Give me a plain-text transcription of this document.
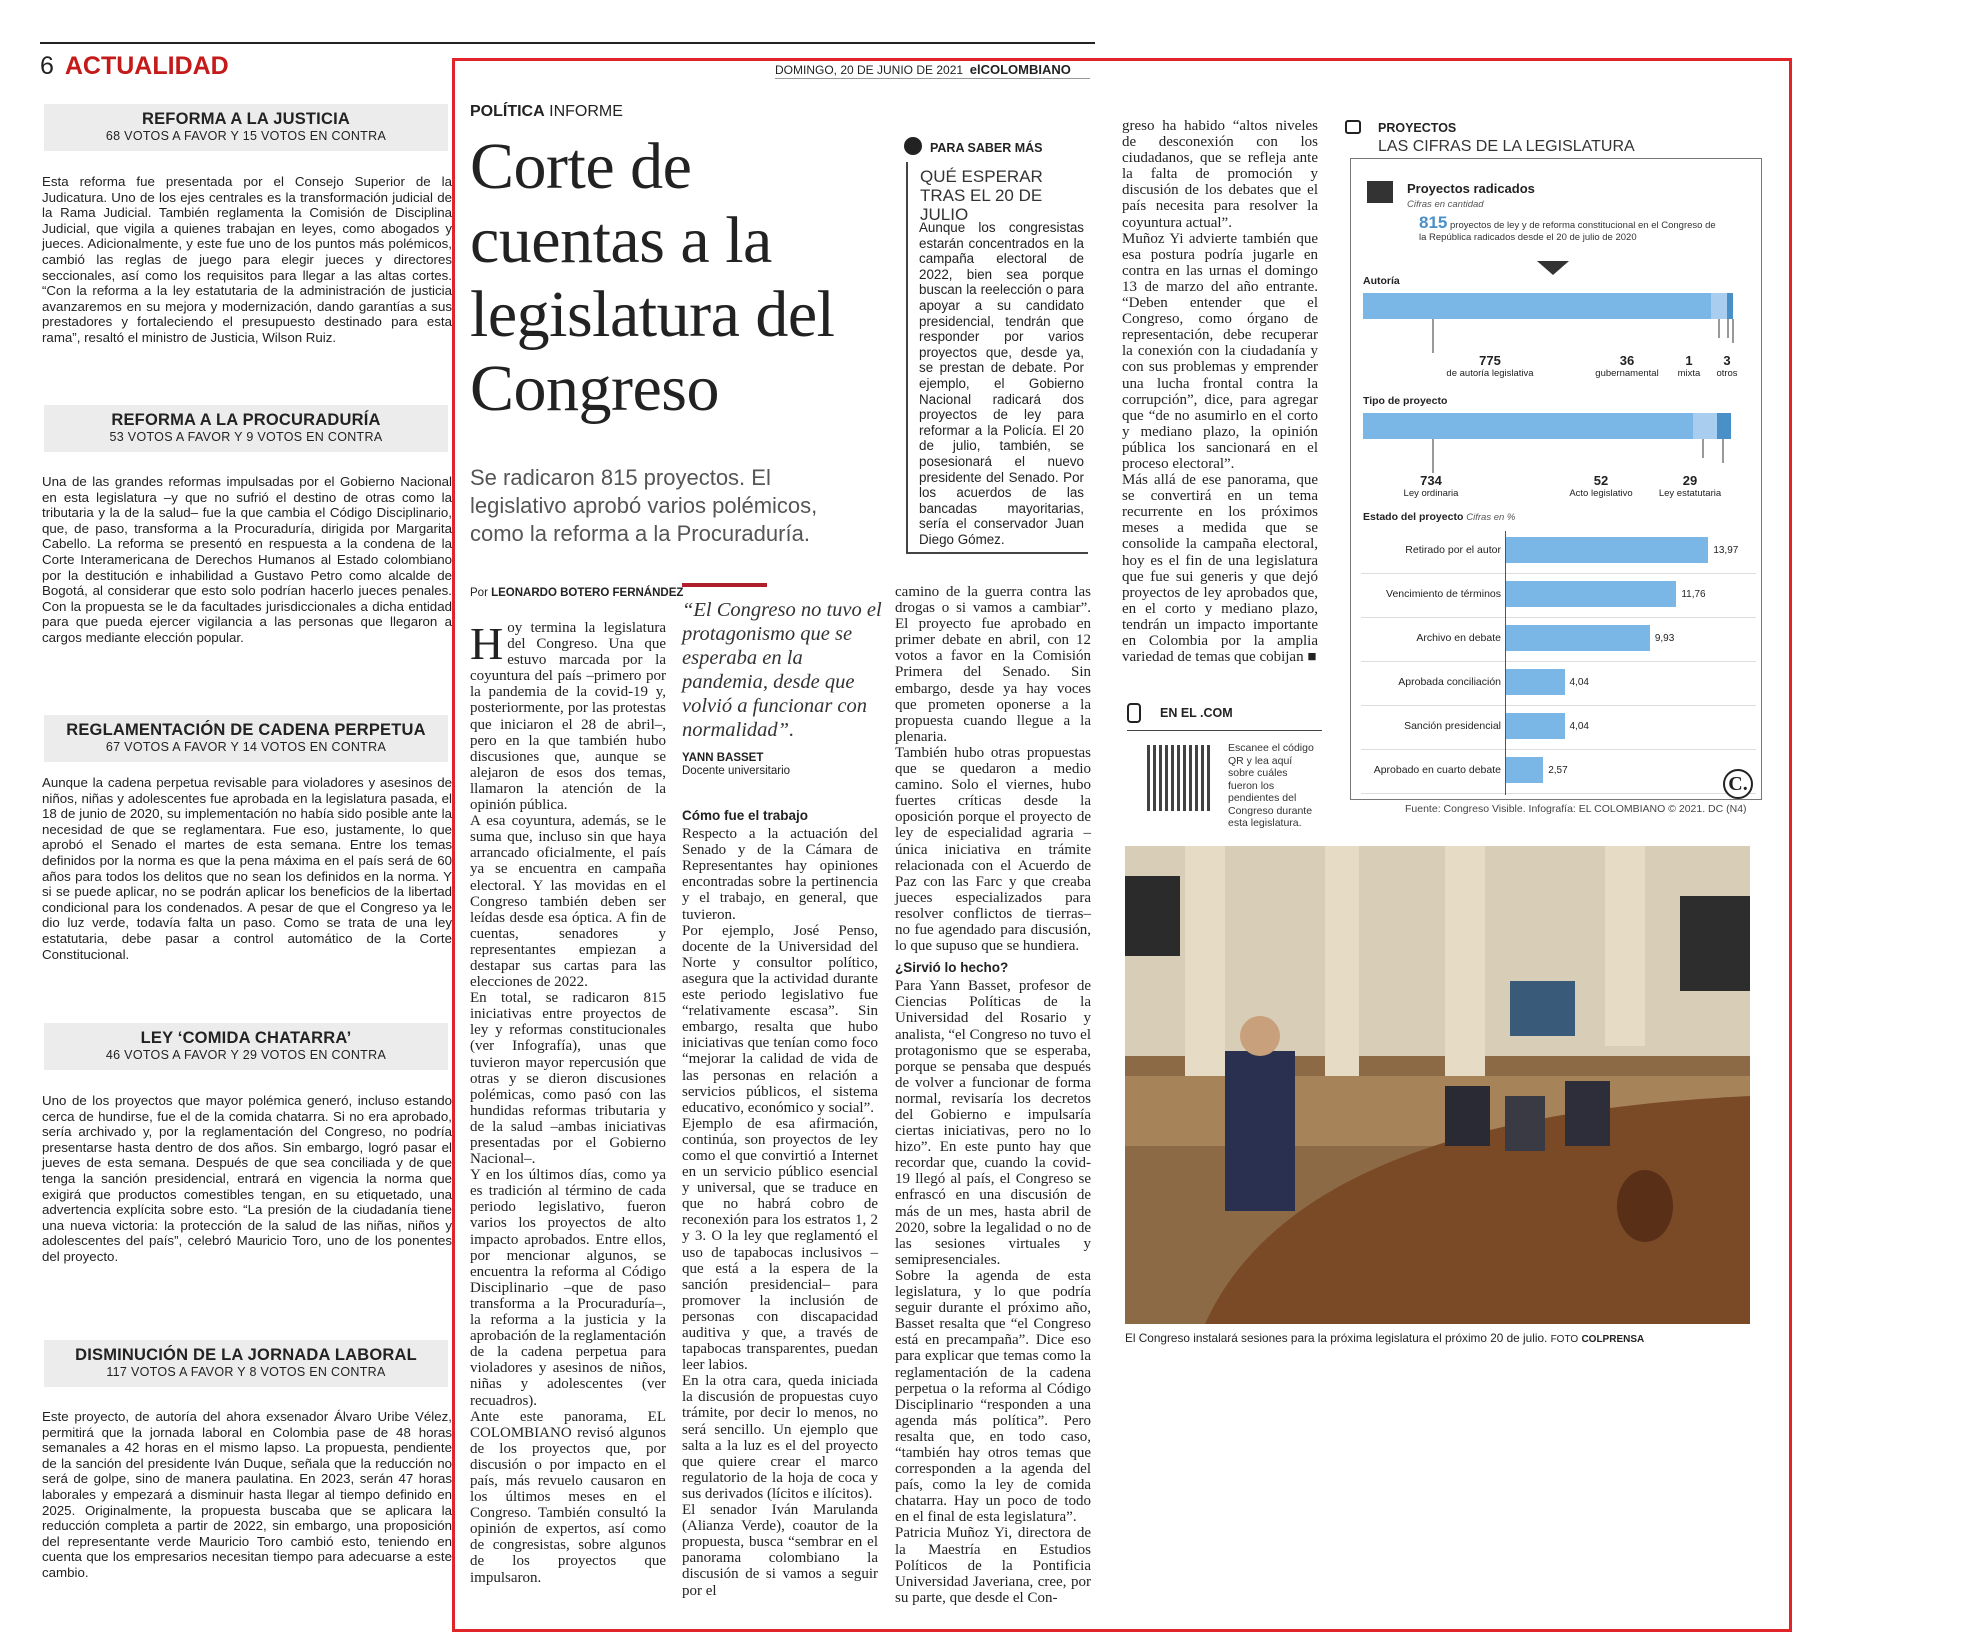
6 ACTUALIDAD
REFORMA A LA JUSTICIA
68 VOTOS A FAVOR Y 15 VOTOS EN CONTRA
Esta reforma fue presentada por el Consejo Superior de la Judicatura. Uno de los ejes centrales es la transformación judicial de la Rama Judicial. También reglamenta la Comisión de Disciplina Judicial, que vigila a quienes trabajan en leyes, como abogados y jueces. Adicionalmente, y este fue uno de los puntos más polémicos, cambió las reglas de juego para elegir jueces y directores seccionales, así como los requisitos para llegar a las altas cortes. “Con la reforma a la ley estatutaria de la administración de justicia avanzaremos en su mejora y modernización, dando garantías a sus prestadores y fortaleciendo el presupuesto destinado para esta rama”, resaltó el ministro de Justicia, Wilson Ruiz.
REFORMA A LA PROCURADURÍA
53 VOTOS A FAVOR Y 9 VOTOS EN CONTRA
Una de las grandes reformas impulsadas por el Gobierno Nacional en esta legislatura –y que no sufrió el destino de otras como la tributaria y la de la salud– fue la que cambia el Código Disciplinario, que, de paso, transforma a la Procuraduría, dirigida por Margarita Cabello. La reforma se presentó en respuesta a la condena de la Corte Interamericana de Derechos Humanos al Estado colombiano por la destitución e inhabilidad a Gustavo Petro como alcalde de Bogotá, al considerar que esto solo podrían hacerlo jueces penales. Con la propuesta se le da facultades jurisdiccionales a dicha entidad para que pueda ejercer vigilancia a las personas que llegaron a cargos mediante elección popular.
REGLAMENTACIÓN DE CADENA PERPETUA
67 VOTOS A FAVOR Y 14 VOTOS EN CONTRA
Aunque la cadena perpetua revisable para violadores y asesinos de niños, niñas y adolescentes fue aprobada en la legislatura pasada, el 18 de junio de 2020, su implementación no había sido posible ante la necesidad de que se reglamentara. Fue eso, justamente, lo que aprobó el Senado el martes de esta semana. Entre los temas definidos por la norma es que la pena máxima en el país será de 60 años para todos los delitos que no sean los definidos en la norma. Y si se puede aplicar, no se podrán aplicar los beneficios de la libertad condicional para los condenados. A pesar de que el Congreso ya le dio luz verde, todavía falta un paso. Como se trata de una ley estatutaria, debe pasar a control automático de la Corte Constitucional.
LEY ‘COMIDA CHATARRA’
46 VOTOS A FAVOR Y 29 VOTOS EN CONTRA
Uno de los proyectos que mayor polémica generó, incluso estando cerca de hundirse, fue el de la comida chatarra. Si no era aprobado, sería archivado y, por la reglamentación del Congreso, no podría presentarse hasta dentro de dos años. Sin embargo, logró pasar el jueves de esta semana. Después de que sea conciliada y de que tenga la sanción presidencial, entrará en vigencia la norma que exigirá que productos comestibles tengan, en su etiquetado, una advertencia explícita sobre esto. “La presión de la ciudadanía tiene una nueva victoria: la protección de la salud de las niñas, niños y adolescentes del país”, celebró Mauricio Toro, uno de los ponentes del proyecto.
DISMINUCIÓN DE LA JORNADA LABORAL
117 VOTOS A FAVOR Y 8 VOTOS EN CONTRA
Este proyecto, de autoría del ahora exsenador Álvaro Uribe Vélez, permitirá que la jornada laboral en Colombia pase de 48 horas semanales a 42 horas en el mismo lapso. La propuesta, pendiente de la sanción del presidente Iván Duque, señala que la reducción no será de golpe, sino de manera paulatina. En 2023, serán 47 horas laborales y empezará a disminuir hasta llegar al tiempo definido en 2025. Originalmente, la propuesta buscaba que se aplicara la reducción completa a partir de 2022, sin embargo, una proposición del representante verde Mauricio Toro cambió esto, teniendo en cuenta que los empresarios necesitan tiempo para adecuarse a este cambio.
DOMINGO, 20 DE JUNIO DE 2021 elCOLOMBIANO
POLÍTICA INFORME
Corte de cuentas a la legislatura del Congreso
Se radicaron 815 proyectos. El legislativo aprobó varios polémicos, como la reforma a la Procuraduría.
Por LEONARDO BOTERO FERNÁNDEZ
H oy termina la legislatura del Congreso. Una que estuvo marcada por la coyuntura del país –primero por la pandemia de la covid-19 y, posteriormente, por las protestas que iniciaron el 28 de abril–, pero en la que también hubo discusiones que, aunque se alejaron de esos dos temas, llamaron la atención de la opinión pública.
A esa coyuntura, además, se le suma que, incluso sin que haya arrancado oficialmente, el país ya se encuentra en campaña electoral. Y las movidas en el Congreso también deben ser leídas desde esa óptica. A fin de cuentas, senadores y representantes empiezan a destapar sus cartas para las elecciones de 2022.
En total, se radicaron 815 iniciativas entre proyectos de ley y reformas constitucionales (ver Infografía), unas que tuvieron mayor repercusión que otras y se dieron discusiones polémicas, como pasó con las hundidas reformas tributaria y de la salud –ambas iniciativas presentadas por el Gobierno Nacional–.
Y en los últimos días, como ya es tradición al término de cada periodo legislativo, fueron varios los proyectos de alto impacto aprobados. Entre ellos, por mencionar algunos, se encuentra la reforma al Código Disciplinario –que de paso transforma a la Procuraduría–, la reforma a la justicia y la aprobación de la reglamentación de la cadena perpetua para violadores y asesinos de niños, niñas y adolescentes (ver recuadros).
Ante este panorama, EL COLOMBIANO revisó algunos de los proyectos que, por discusión o por impacto en el país, más revuelo causaron en los últimos meses en el Congreso. También consultó la opinión de expertos, así como de congresistas, sobre algunos de los proyectos que impulsaron.
“El Congreso no tuvo el protagonismo que se esperaba en la pandemia, desde que volvió a funcionar con normalidad”.
YANN BASSET
Docente universitario
Cómo fue el trabajo
Respecto a la actuación del Senado y de la Cámara de Representantes hay opiniones encontradas sobre la pertinencia y el trabajo, en general, que tuvieron.
Por ejemplo, José Penso, docente de la Universidad del Norte y consultor político, asegura que la actividad durante este periodo legislativo fue “relativamente escasa”. Sin embargo, resalta que hubo iniciativas que tenían como foco “mejorar la calidad de vida de las personas en relación a servicios públicos, el sistema educativo, económico y social”.
Ejemplo de esa afirmación, continúa, son proyectos de ley como el que convirtió a Internet en un servicio público esencial y universal, que se traduce en que no habrá cobro de reconexión para los estratos 1, 2 y 3. O la ley que reglamentó el uso de tapabocas inclusivos –que está a la espera de la sanción presidencial– para promover la inclusión de personas con discapacidad auditiva y que, a través de tapabocas transparentes, puedan leer labios.
En la otra cara, queda iniciada la discusión de propuestas cuyo trámite, por decir lo menos, no será sencillo. Un ejemplo que salta a la luz es el del proyecto que quiere crear el marco regulatorio de la hoja de coca y sus derivados (lícitos e ilícitos).
El senador Iván Marulanda (Alianza Verde), coautor de la propuesta, busca “sembrar en el panorama colombiano la discusión de si vamos a seguir por el
PARA SABER MÁS
QUÉ ESPERAR TRAS EL 20 DE JULIO
Aunque los congresistas estarán concentrados en la campaña electoral de 2022, bien sea porque buscan la reelección o para apoyar a su candidato presidencial, tendrán que responder por varios proyectos que, desde ya, se prestan de debate. Por ejemplo, el Gobierno Nacional radicará dos proyectos de ley para reformar a la Policía. El 20 de julio, también, se posesionará el nuevo presidente del Senado. Por los acuerdos de las bancadas mayoritarias, sería el conservador Juan Diego Gómez.
camino de la guerra contra las drogas o si vamos a cambiar”. El proyecto fue aprobado en primer debate en abril, con 12 votos a favor en la Comisión Primera del Senado. Sin embargo, desde ya hay voces que prometen oponerse a la propuesta cuando llegue a la plenaria.
También hubo otras propuestas que se quedaron a medio camino. Solo el viernes, hubo fuertes críticas desde la oposición porque el proyecto de ley de especialidad agraria –única iniciativa en trámite relacionada con el Acuerdo de Paz con las Farc y que creaba jueces especializados para resolver conflictos de tierras– no fue agendado para discusión, lo que supuso que se hundiera.
¿Sirvió lo hecho?
Para Yann Basset, profesor de Ciencias Políticas de la Universidad del Rosario y analista, “el Congreso no tuvo el protagonismo que se esperaba, porque se pensaba que después de volver a funcionar de forma normal, revisaría los decretos del Gobierno e impulsaría ciertas iniciativas, pero no lo hizo”. En este punto hay que recordar que, cuando la covid-19 llegó al país, el Congreso se enfrascó en una discusión de más de un mes, hasta abril de 2020, sobre la legalidad o no de las sesiones virtuales y semipresenciales.
Sobre la agenda de esta legislatura, y lo que podría seguir durante el próximo año, Basset resalta que “el Congreso está en precampaña”. Dice eso para explicar que temas como la reglamentación de la cadena perpetua o la reforma al Código Disciplinario “responden a una agenda más política”. Pero resalta que, en todo caso, “también hay otros temas que corresponden a la agenda del país, como la ley de comida chatarra. Hay un poco de todo en el final de esta legislatura”.
Patricia Muñoz Yi, directora de la Maestría en Estudios Políticos de la Pontificia Universidad Javeriana, cree, por su parte, que desde el Con-
greso ha habido “altos niveles de desconexión con los ciudadanos, que se refleja ante la falta de promoción y discusión de los debates que el país necesita para resolver la coyuntura actual”.
Muñoz Yi advierte también que esa postura podría jugarle en contra en las urnas el domingo 13 de marzo del año entrante. “Deben entender que el Congreso, como órgano de representación, debe recuperar la conexión con la ciudadanía y con sus problemas y emprender una lucha frontal contra la corrupción”, dice, para agregar que “de no asumirlo en el corto y mediano plazo, la opinión pública los sancionará en el proceso electoral”.
Más allá de ese panorama, que se convertirá en un tema recurrente en los próximos meses a medida que se consolide la campaña electoral, hoy es el fin de una legislatura que fue sui generis y que dejó proyectos de ley aprobados que, en el corto y mediano plazo, tendrán un impacto importante en Colombia por la amplia variedad de temas que cobijan ■
EN EL .COM
Escanee el código QR y lea aquí sobre cuáles fueron los pendientes del Congreso durante esta legislatura.
PROYECTOS
LAS CIFRAS DE LA LEGISLATURA
Proyectos radicados
Cifras en cantidad
815 proyectos de ley y de reforma constitucional en el Congreso de la República radicados desde el 20 de julio de 2020
Autoría
775
de autoría legislativa
36
gubernamental
1
mixta
3
otros
Tipo de proyecto
734
Ley ordinaria
52
Acto legislativo
29
Ley estatutaria
Estado del proyecto Cifras en %
Retirado por el autor	13,97
Vencimiento de términos	11,76
Archivo en debate	9,93
Aprobada conciliación	4,04
Sanción presidencial	4,04
Aprobado en cuarto debate	2,57
C.
Fuente: Congreso Visible. Infografía: EL COLOMBIANO © 2021. DC (N4)
El Congreso instalará sesiones para la próxima legislatura el próximo 20 de julio. FOTO COLPRENSA
